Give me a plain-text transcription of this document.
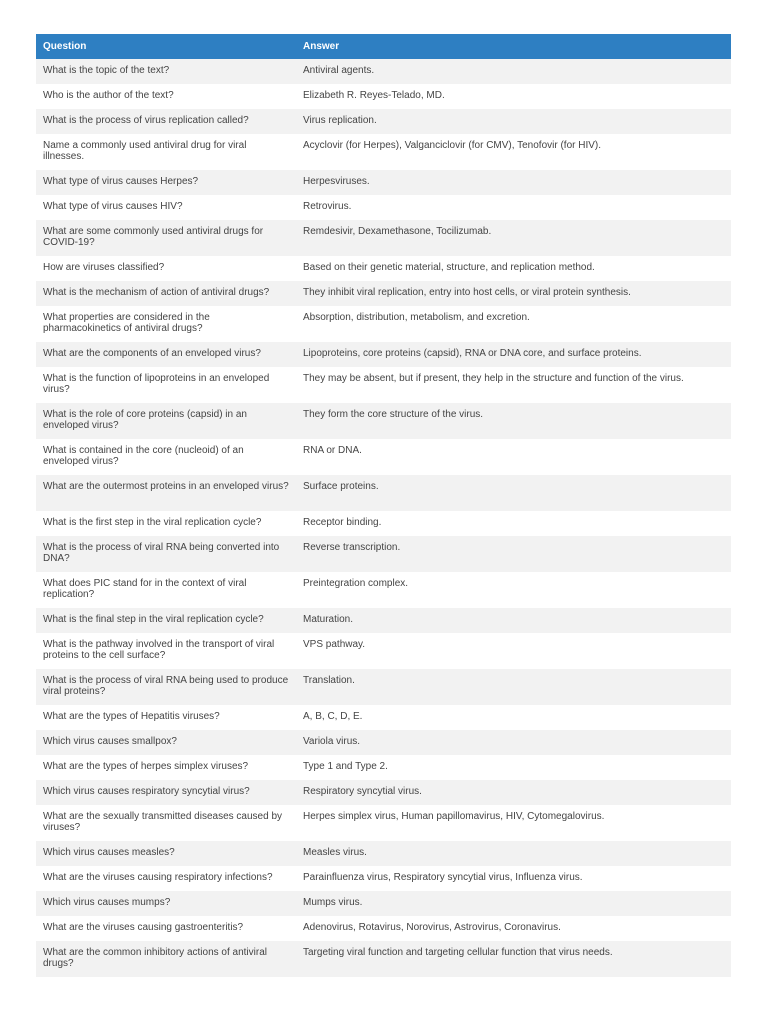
Question	Answer
What is the topic of the text?	Antiviral agents.
Who is the author of the text?	Elizabeth R. Reyes-Telado, MD.
What is the process of virus replication called?	Virus replication.
Name a commonly used antiviral drug for viral illnesses.	Acyclovir (for Herpes), Valganciclovir (for CMV), Tenofovir (for HIV).
What type of virus causes Herpes?	Herpesviruses.
What type of virus causes HIV?	Retrovirus.
What are some commonly used antiviral drugs for COVID-19?	Remdesivir, Dexamethasone, Tocilizumab.
How are viruses classified?	Based on their genetic material, structure, and replication method.
What is the mechanism of action of antiviral drugs?	They inhibit viral replication, entry into host cells, or viral protein synthesis.
What properties are considered in the pharmacokinetics of antiviral drugs?	Absorption, distribution, metabolism, and excretion.
What are the components of an enveloped virus?	Lipoproteins, core proteins (capsid), RNA or DNA core, and surface proteins.
What is the function of lipoproteins in an enveloped virus?	They may be absent, but if present, they help in the structure and function of the virus.
What is the role of core proteins (capsid) in an enveloped virus?	They form the core structure of the virus.
What is contained in the core (nucleoid) of an enveloped virus?	RNA or DNA.
What are the outermost proteins in an enveloped virus?	Surface proteins.
What is the first step in the viral replication cycle?	Receptor binding.
What is the process of viral RNA being converted into DNA?	Reverse transcription.
What does PIC stand for in the context of viral replication?	Preintegration complex.
What is the final step in the viral replication cycle?	Maturation.
What is the pathway involved in the transport of viral proteins to the cell surface?	VPS pathway.
What is the process of viral RNA being used to produce viral proteins?	Translation.
What are the types of Hepatitis viruses?	A, B, C, D, E.
Which virus causes smallpox?	Variola virus.
What are the types of herpes simplex viruses?	Type 1 and Type 2.
Which virus causes respiratory syncytial virus?	Respiratory syncytial virus.
What are the sexually transmitted diseases caused by viruses?	Herpes simplex virus, Human papillomavirus, HIV, Cytomegalovirus.
Which virus causes measles?	Measles virus.
What are the viruses causing respiratory infections?	Parainfluenza virus, Respiratory syncytial virus, Influenza virus.
Which virus causes mumps?	Mumps virus.
What are the viruses causing gastroenteritis?	Adenovirus, Rotavirus, Norovirus, Astrovirus, Coronavirus.
What are the common inhibitory actions of antiviral drugs?	Targeting viral function and targeting cellular function that virus needs.
